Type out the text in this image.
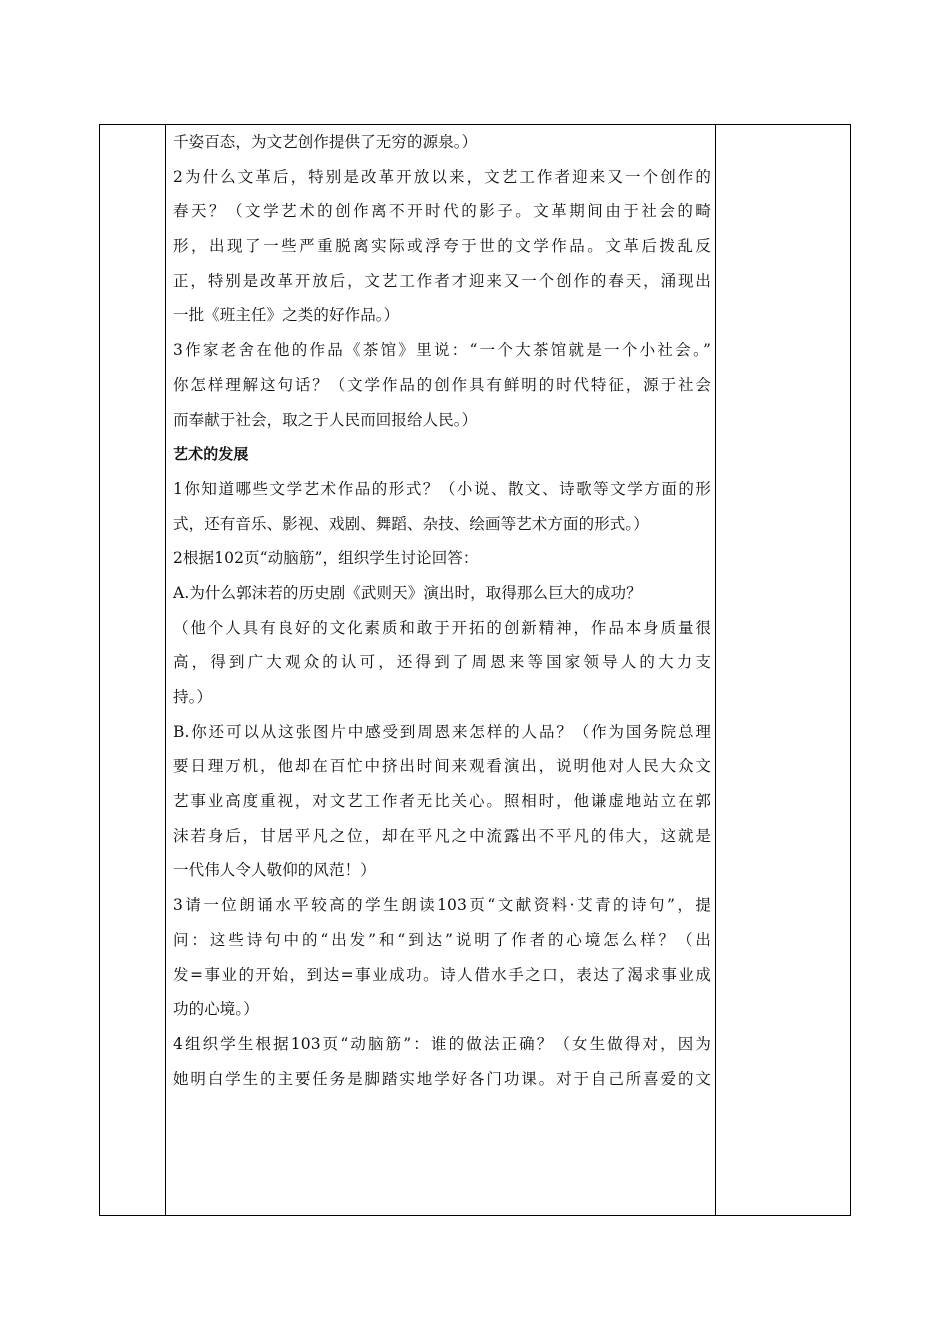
千姿百态，为文艺创作提供了无穷的源泉。）
2为什么文革后，特别是改革开放以来，文艺工作者迎来又一个创作的
春天？（文学艺术的创作离不开时代的影子。文革期间由于社会的畸
形，出现了一些严重脱离实际或浮夸于世的文学作品。文革后拨乱反
正，特别是改革开放后，文艺工作者才迎来又一个创作的春天，涌现出
一批《班主任》之类的好作品。）
3作家老舍在他的作品《茶馆》里说：“一个大茶馆就是一个小社会。”
你怎样理解这句话？（文学作品的创作具有鲜明的时代特征，源于社会
而奉献于社会，取之于人民而回报给人民。）
艺术的发展
1你知道哪些文学艺术作品的形式？（小说、散文、诗歌等文学方面的形
式，还有音乐、影视、戏剧、舞蹈、杂技、绘画等艺术方面的形式。）
2根据102页“动脑筋”，组织学生讨论回答：
A.为什么郭沫若的历史剧《武则天》演出时，取得那么巨大的成功？
（他个人具有良好的文化素质和敢于开拓的创新精神，作品本身质量很
高，得到广大观众的认可，还得到了周恩来等国家领导人的大力支
持。）
B.你还可以从这张图片中感受到周恩来怎样的人品？（作为国务院总理
要日理万机，他却在百忙中挤出时间来观看演出，说明他对人民大众文
艺事业高度重视，对文艺工作者无比关心。照相时，他谦虚地站立在郭
沫若身后，甘居平凡之位，却在平凡之中流露出不平凡的伟大，这就是
一代伟人令人敬仰的风范！）
3请一位朗诵水平较高的学生朗读103页“文献资料·艾青的诗句”，提
问：这些诗句中的“出发”和“到达”说明了作者的心境怎么样？（出
发=事业的开始，到达=事业成功。诗人借水手之口，表达了渴求事业成
功的心境。）
4组织学生根据103页“动脑筋”：谁的做法正确？（女生做得对，因为
她明白学生的主要任务是脚踏实地学好各门功课。对于自己所喜爱的文
